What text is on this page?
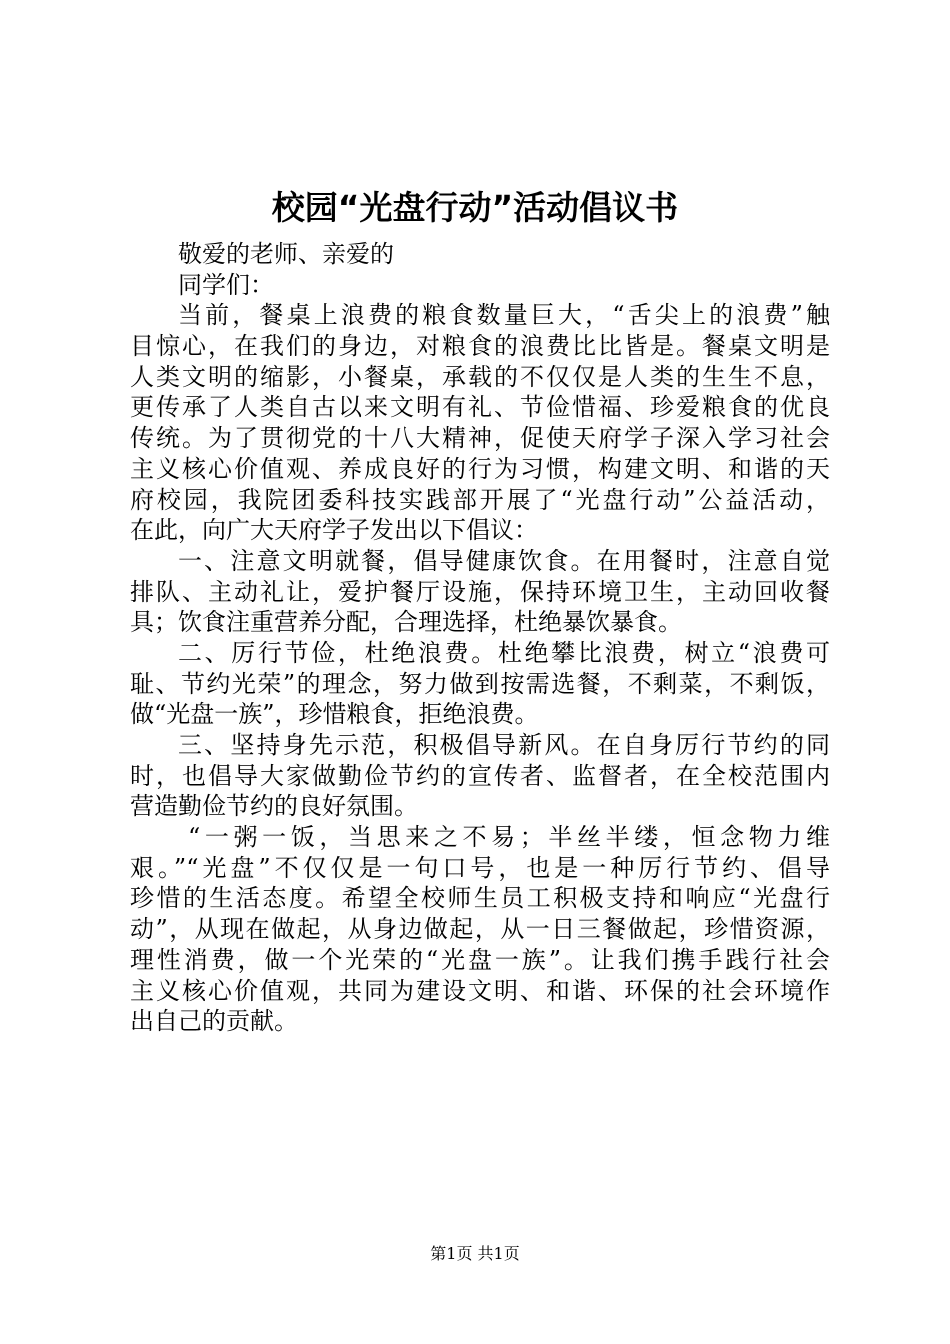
校园“光盘行动”活动倡议书
敬爱的老师、亲爱的
同学们：
当前，餐桌上浪费的粮食数量巨大，“舌尖上的浪费”触
目惊心，在我们的身边，对粮食的浪费比比皆是。餐桌文明是
人类文明的缩影，小餐桌，承载的不仅仅是人类的生生不息，
更传承了人类自古以来文明有礼、节俭惜福、珍爱粮食的优良
传统。为了贯彻党的十八大精神，促使天府学子深入学习社会
主义核心价值观、养成良好的行为习惯，构建文明、和谐的天
府校园，我院团委科技实践部开展了“光盘行动”公益活动，
在此，向广大天府学子发出以下倡议：
一、注意文明就餐，倡导健康饮食。在用餐时，注意自觉
排队、主动礼让，爱护餐厅设施，保持环境卫生，主动回收餐
具；饮食注重营养分配，合理选择，杜绝暴饮暴食。
二、厉行节俭，杜绝浪费。杜绝攀比浪费，树立“浪费可
耻、节约光荣”的理念，努力做到按需选餐，不剩菜，不剩饭，
做“光盘一族”，珍惜粮食，拒绝浪费。
三、坚持身先示范，积极倡导新风。在自身厉行节约的同
时，也倡导大家做勤俭节约的宣传者、监督者，在全校范围内
营造勤俭节约的良好氛围。
“一粥一饭，当思来之不易；半丝半缕，恒念物力维
艰。”“光盘”不仅仅是一句口号，也是一种厉行节约、倡导
珍惜的生活态度。希望全校师生员工积极支持和响应“光盘行
动”，从现在做起，从身边做起，从一日三餐做起，珍惜资源，
理性消费，做一个光荣的“光盘一族”。让我们携手践行社会
主义核心价值观，共同为建设文明、和谐、环保的社会环境作
出自己的贡献。
第1页 共1页
